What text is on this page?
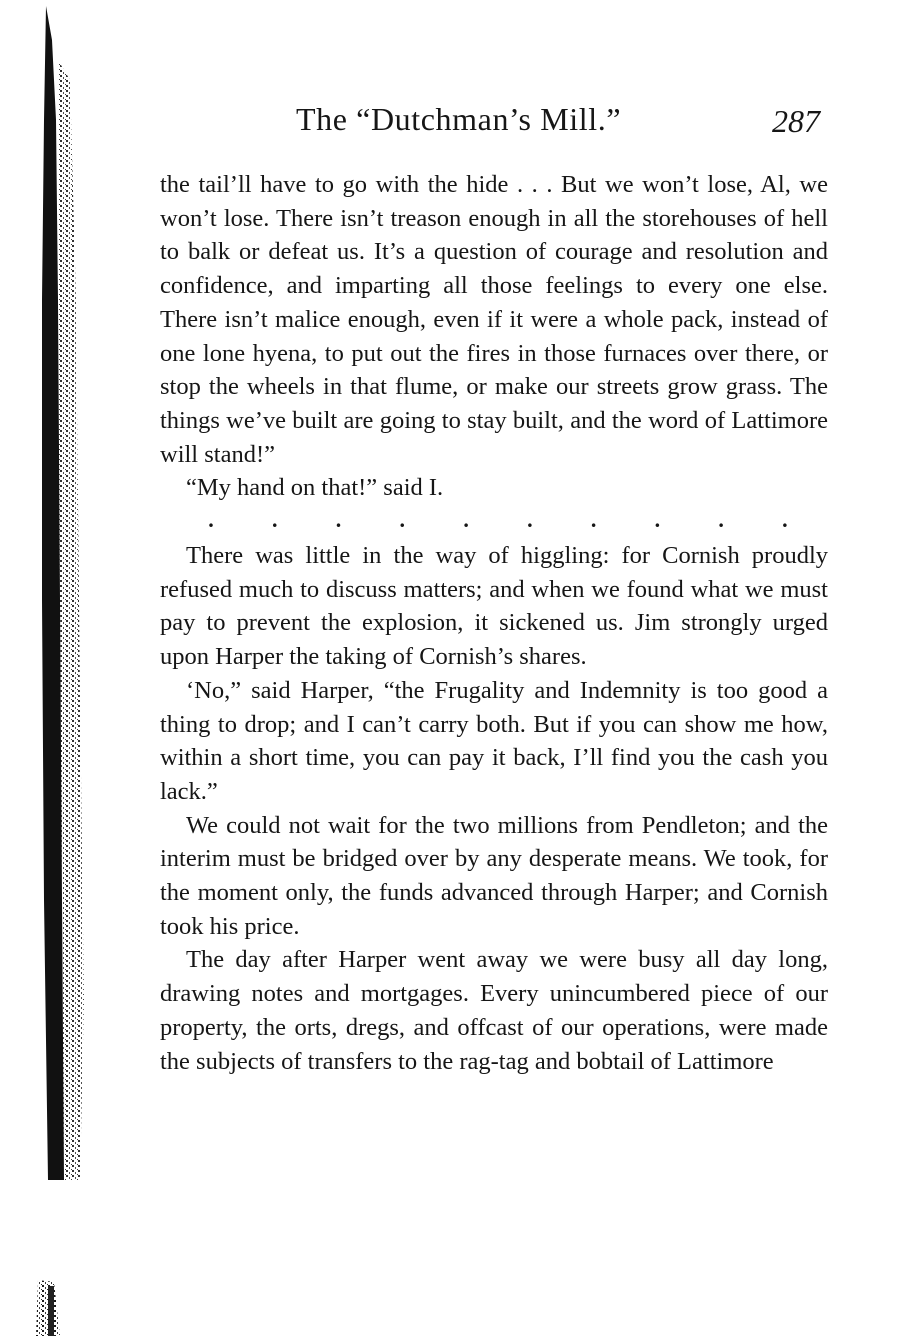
The “Dutchman’s Mill.”	287

the tail’ll have to go with the hide . . . But we won’t lose, Al, we won’t lose. There isn’t treason enough in all the storehouses of hell to balk or defeat us. It’s a question of courage and resolution and confidence, and imparting all those feelings to every one else. There isn’t malice enough, even if it were a whole pack, instead of one lone hyena, to put out the fires in those furnaces over there, or stop the wheels in that flume, or make our streets grow grass. The things we’ve built are going to stay built, and the word of Lattimore will stand!”

“My hand on that!” said I.

.	.	.	.	.	.	.	.	.	.

There was little in the way of higgling: for Cornish proudly refused much to discuss matters; and when we found what we must pay to prevent the explosion, it sickened us. Jim strongly urged upon Harper the taking of Cornish’s shares.

‘No,” said Harper, “the Frugality and Indemnity is too good a thing to drop; and I can’t carry both. But if you can show me how, within a short time, you can pay it back, I’ll find you the cash you lack.”

We could not wait for the two millions from Pendleton; and the interim must be bridged over by any desperate means. We took, for the moment only, the funds advanced through Harper; and Cornish took his price.

The day after Harper went away we were busy all day long, drawing notes and mortgages. Every unincumbered piece of our property, the orts, dregs, and offcast of our operations, were made the subjects of transfers to the rag-tag and bobtail of Lattimore
